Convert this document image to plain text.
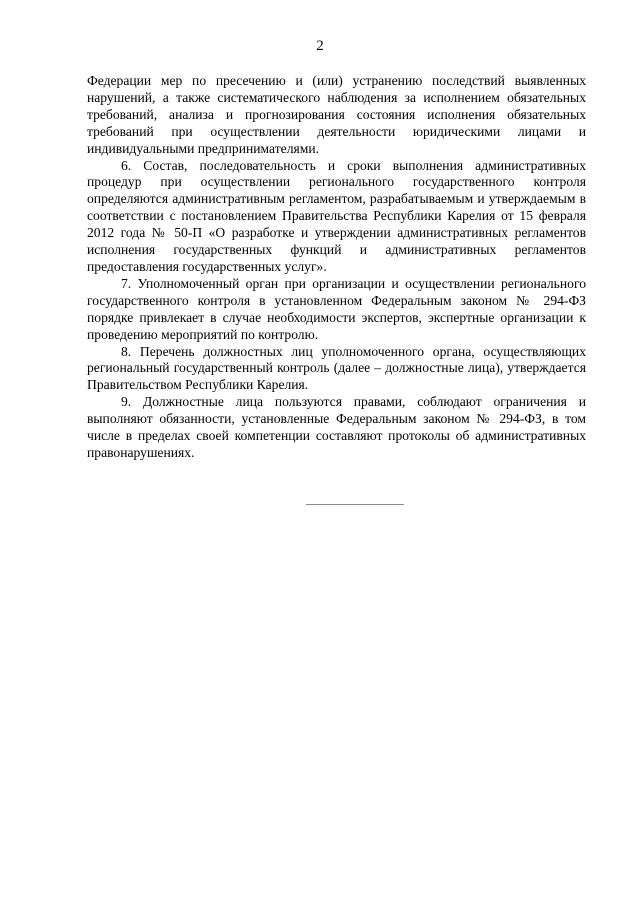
2

Федерации мер по пресечению и (или) устранению последствий выявленных нарушений, а также систематического наблюдения за исполнением обязательных требований, анализа и прогнозирования состояния исполнения обязательных требований при осуществлении деятельности юридическими лицами и индивидуальными предпринимателями.

6. Состав, последовательность и сроки выполнения административных процедур при осуществлении регионального государственного контроля определяются административным регламентом, разрабатываемым и утверждаемым в соответствии с постановлением Правительства Республики Карелия от 15 февраля 2012 года № 50-П «О разработке и утверждении административных регламентов исполнения государственных функций и административных регламентов предоставления государственных услуг».

7. Уполномоченный орган при организации и осуществлении регионального государственного контроля в установленном Федеральным законом № 294-ФЗ порядке привлекает в случае необходимости экспертов, экспертные организации к проведению мероприятий по контролю.

8. Перечень должностных лиц уполномоченного органа, осуществляющих региональный государственный контроль (далее – должностные лица), утверждается Правительством Республики Карелия.

9. Должностные лица пользуются правами, соблюдают ограничения и выполняют обязанности, установленные Федеральным законом № 294-ФЗ, в том числе в пределах своей компетенции составляют протоколы об административных правонарушениях.
